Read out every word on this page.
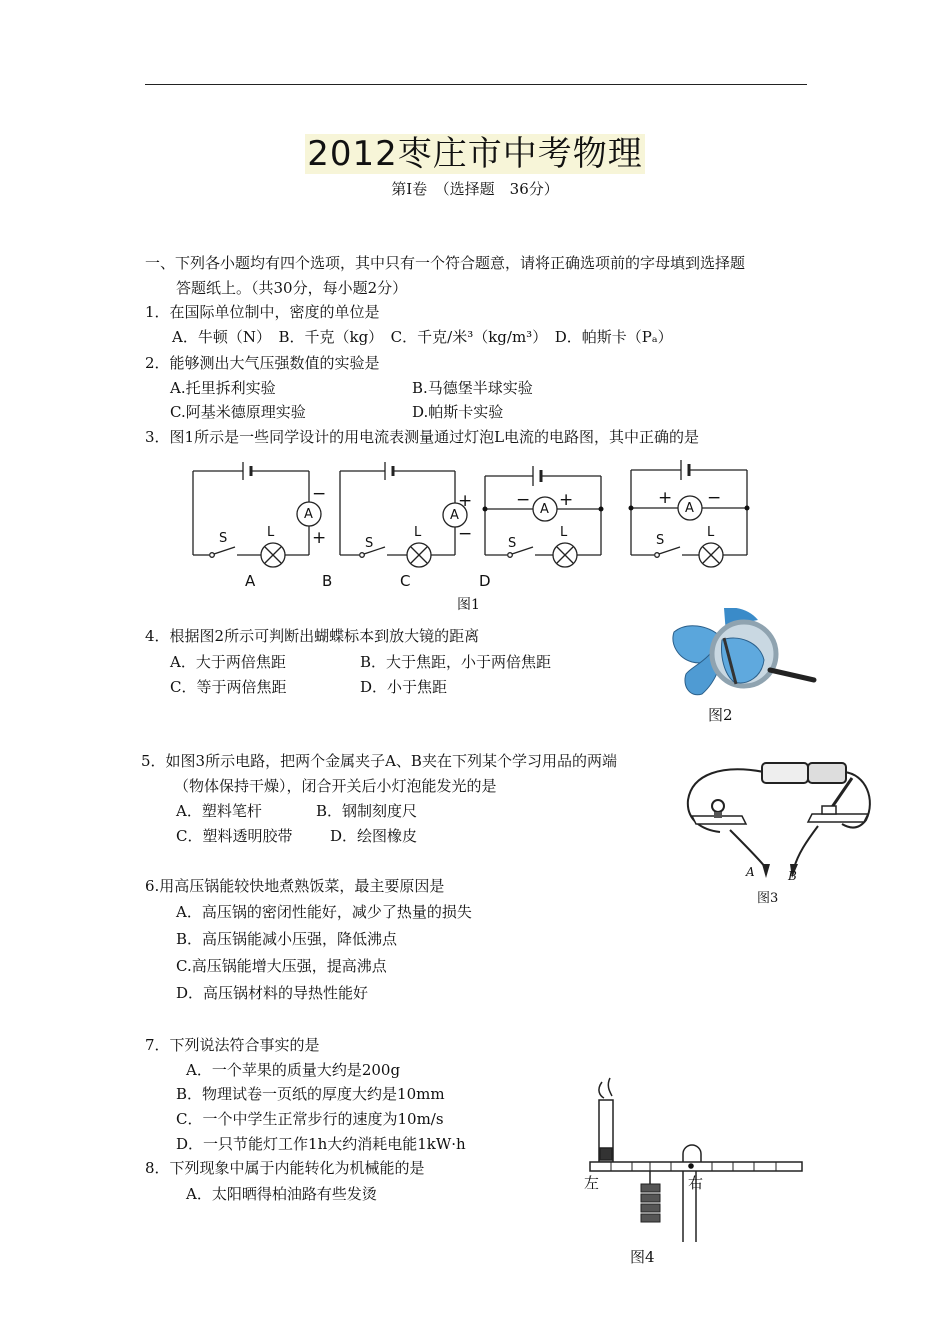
2012枣庄市中考物理
第Ⅰ卷　（选择题　36分）
一、下列各小题均有四个选项，其中只有一个符合题意，请将正确选项前的字母填到选择题
答题纸上。（共30分，每小题2分）
1．在国际单位制中，密度的单位是
A．牛顿（N）　B．千克（kg）　C．千克/米³（kg/m³）　D．帕斯卡（Pₐ）
2．能够测出大气压强数值的实验是
A.托里拆利实验	B.马德堡半球实验
C.阿基米德原理实验	D.帕斯卡实验
3．图1所示是一些同学设计的用电流表测量通过灯泡L电流的电路图，其中正确的是
A	A	A	A
S	L
S
L
S
L
S
L
−
+
+
−
− +	+ −
A	B	C	D
图1
4．根据图2所示可判断出蝴蝶标本到放大镜的距离
A．大于两倍焦距	B．大于焦距，小于两倍焦距
C．等于两倍焦距	D．小于焦距
图2
5．如图3所示电路，把两个金属夹子A、B夹在下列某个学习用品的两端
（物体保持干燥），闭合开关后小灯泡能发光的是
A．塑料笔杆	B．钢制刻度尺
C．塑料透明胶带	D．绘图橡皮
A	B
图3
6.用高压锅能较快地煮熟饭菜，最主要原因是
A．高压锅的密闭性能好，减少了热量的损失
B．高压锅能减小压强，降低沸点
C.高压锅能增大压强，提高沸点
D．高压锅材料的导热性能好
7．下列说法符合事实的是
A．一个苹果的质量大约是200g
B．物理试卷一页纸的厚度大约是10mm
C．一个中学生正常步行的速度为10m/s
D．一只节能灯工作1h大约消耗电能1kW·h
8．下列现象中属于内能转化为机械能的是
A．太阳晒得柏油路有些发烫
左	右
图4
